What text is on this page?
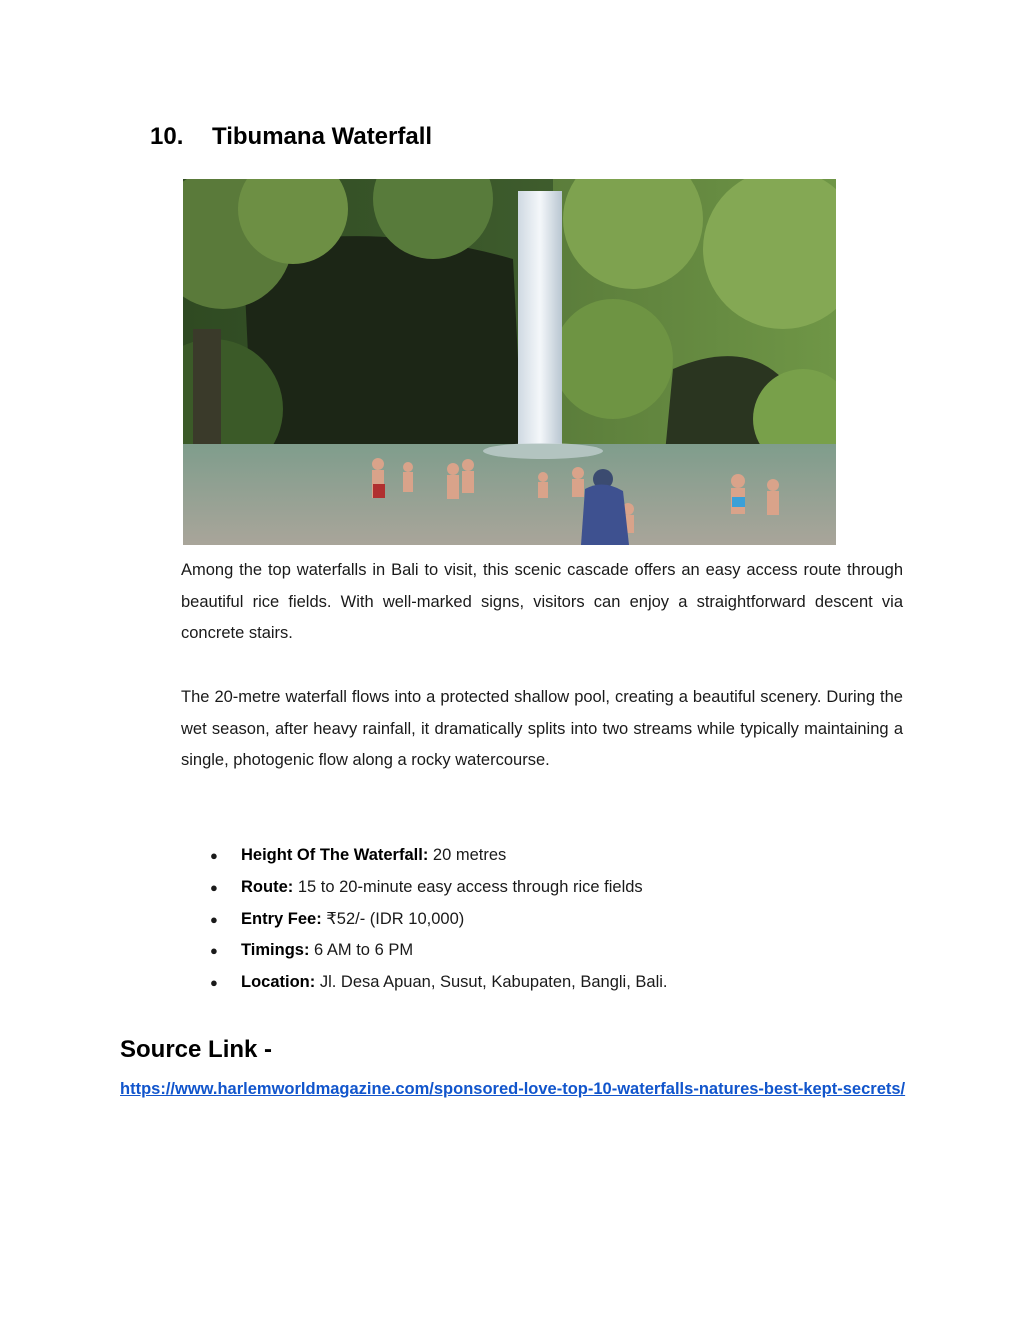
10. Tibumana Waterfall

Among the top waterfalls in Bali to visit, this scenic cascade offers an easy access route through beautiful rice fields. With well-marked signs, visitors can enjoy a straightforward descent via concrete stairs.

The 20-metre waterfall flows into a protected shallow pool, creating a beautiful scenery. During the wet season, after heavy rainfall, it dramatically splits into two streams while typically maintaining a single, photogenic flow along a rocky watercourse.

● Height Of The Waterfall: 20 metres
● Route: 15 to 20-minute easy access through rice fields
● Entry Fee: ₹52/- (IDR 10,000)
● Timings: 6 AM to 6 PM
● Location: Jl. Desa Apuan, Susut, Kabupaten, Bangli, Bali.
Source Link -
https://www.harlemworldmagazine.com/sponsored-love-top-10-waterfalls-natures-best-kept-secrets/
